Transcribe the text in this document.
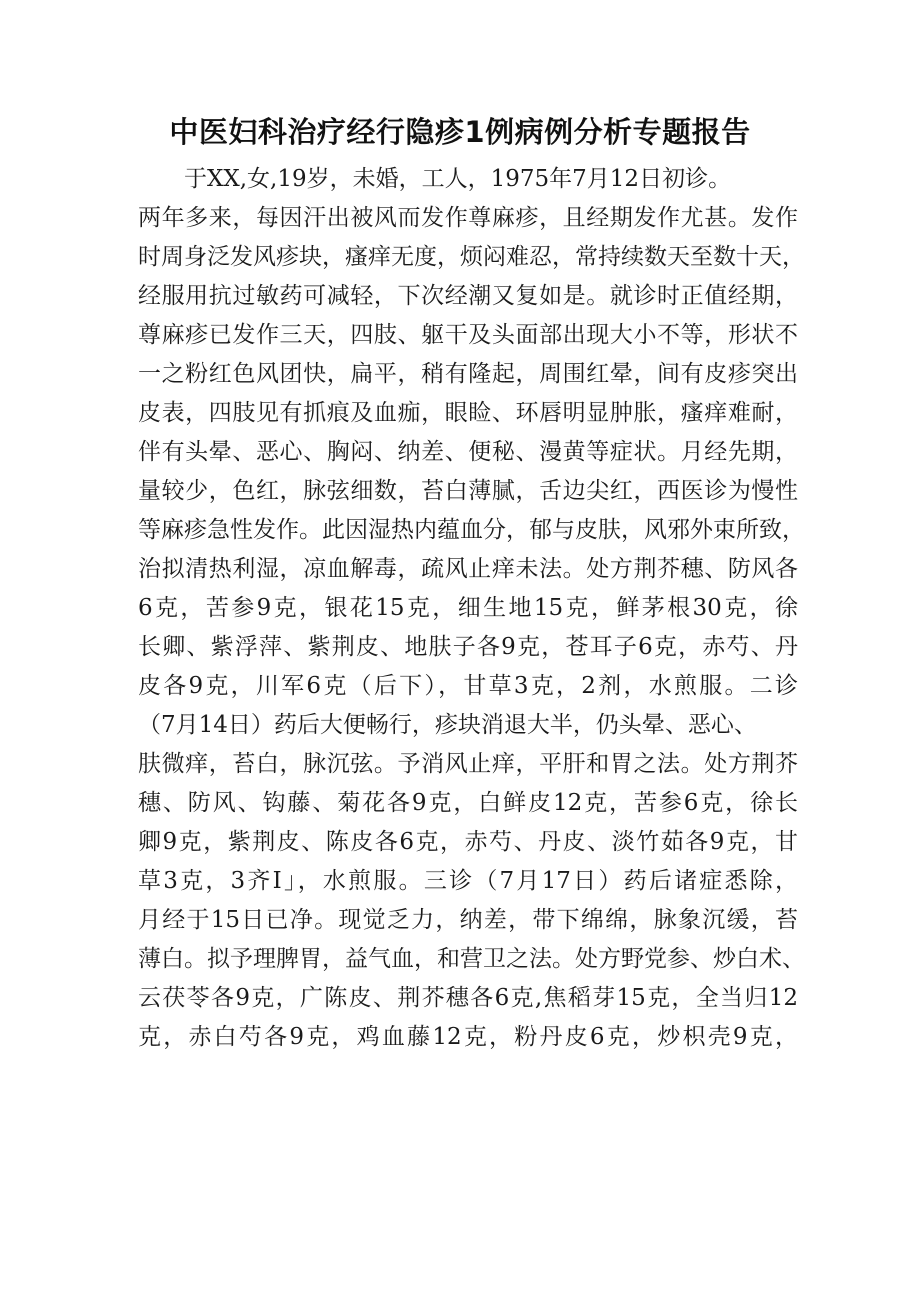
中医妇科治疗经行隐疹1例病例分析专题报告
于XX,女,19岁，未婚，工人，1975年7月12日初诊。
两年多来，每因汗出被风而发作尊麻疹，且经期发作尤甚。发作
时周身泛发风疹块，瘙痒无度，烦闷难忍，常持续数天至数十天，
经服用抗过敏药可减轻，下次经潮又复如是。就诊时正值经期，
尊麻疹已发作三天，四肢、躯干及头面部出现大小不等，形状不
一之粉红色风团快，扁平，稍有隆起，周围红晕，间有皮疹突出
皮表，四肢见有抓痕及血痂，眼睑、环唇明显肿胀，瘙痒难耐，
伴有头晕、恶心、胸闷、纳差、便秘、漫黄等症状。月经先期，
量较少，色红，脉弦细数，苔白薄腻，舌边尖红，西医诊为慢性
等麻疹急性发作。此因湿热内蕴血分，郁与皮肤，风邪外束所致，
治拟清热利湿，凉血解毒，疏风止痒未法。处方荆芥穗、防风各
6克，苦参9克，银花15克，细生地15克，鲜茅根30克，徐
长卿、紫浮萍、紫荆皮、地肤子各9克，苍耳子6克，赤芍、丹
皮各9克，川军6克（后下），甘草3克，2剂，水煎服。二诊
（7月14日）药后大便畅行，疹块消退大半，仍头晕、恶心、
肤微痒，苔白，脉沉弦。予消风止痒，平肝和胃之法。处方荆芥
穗、防风、钩藤、菊花各9克，白鲜皮12克，苦参6克，徐长
卿9克，紫荆皮、陈皮各6克，赤芍、丹皮、淡竹茹各9克，甘
草3克，3齐I」，水煎服。三诊（7月17日）药后诸症悉除，
月经于15日已净。现觉乏力，纳差，带下绵绵，脉象沉缓，苔
薄白。拟予理脾胃，益气血，和营卫之法。处方野党参、炒白术、
云茯苓各9克，广陈皮、荆芥穗各6克,焦稻芽15克，全当归12
克，赤白芍各9克，鸡血藤12克，粉丹皮6克，炒枳壳9克，
